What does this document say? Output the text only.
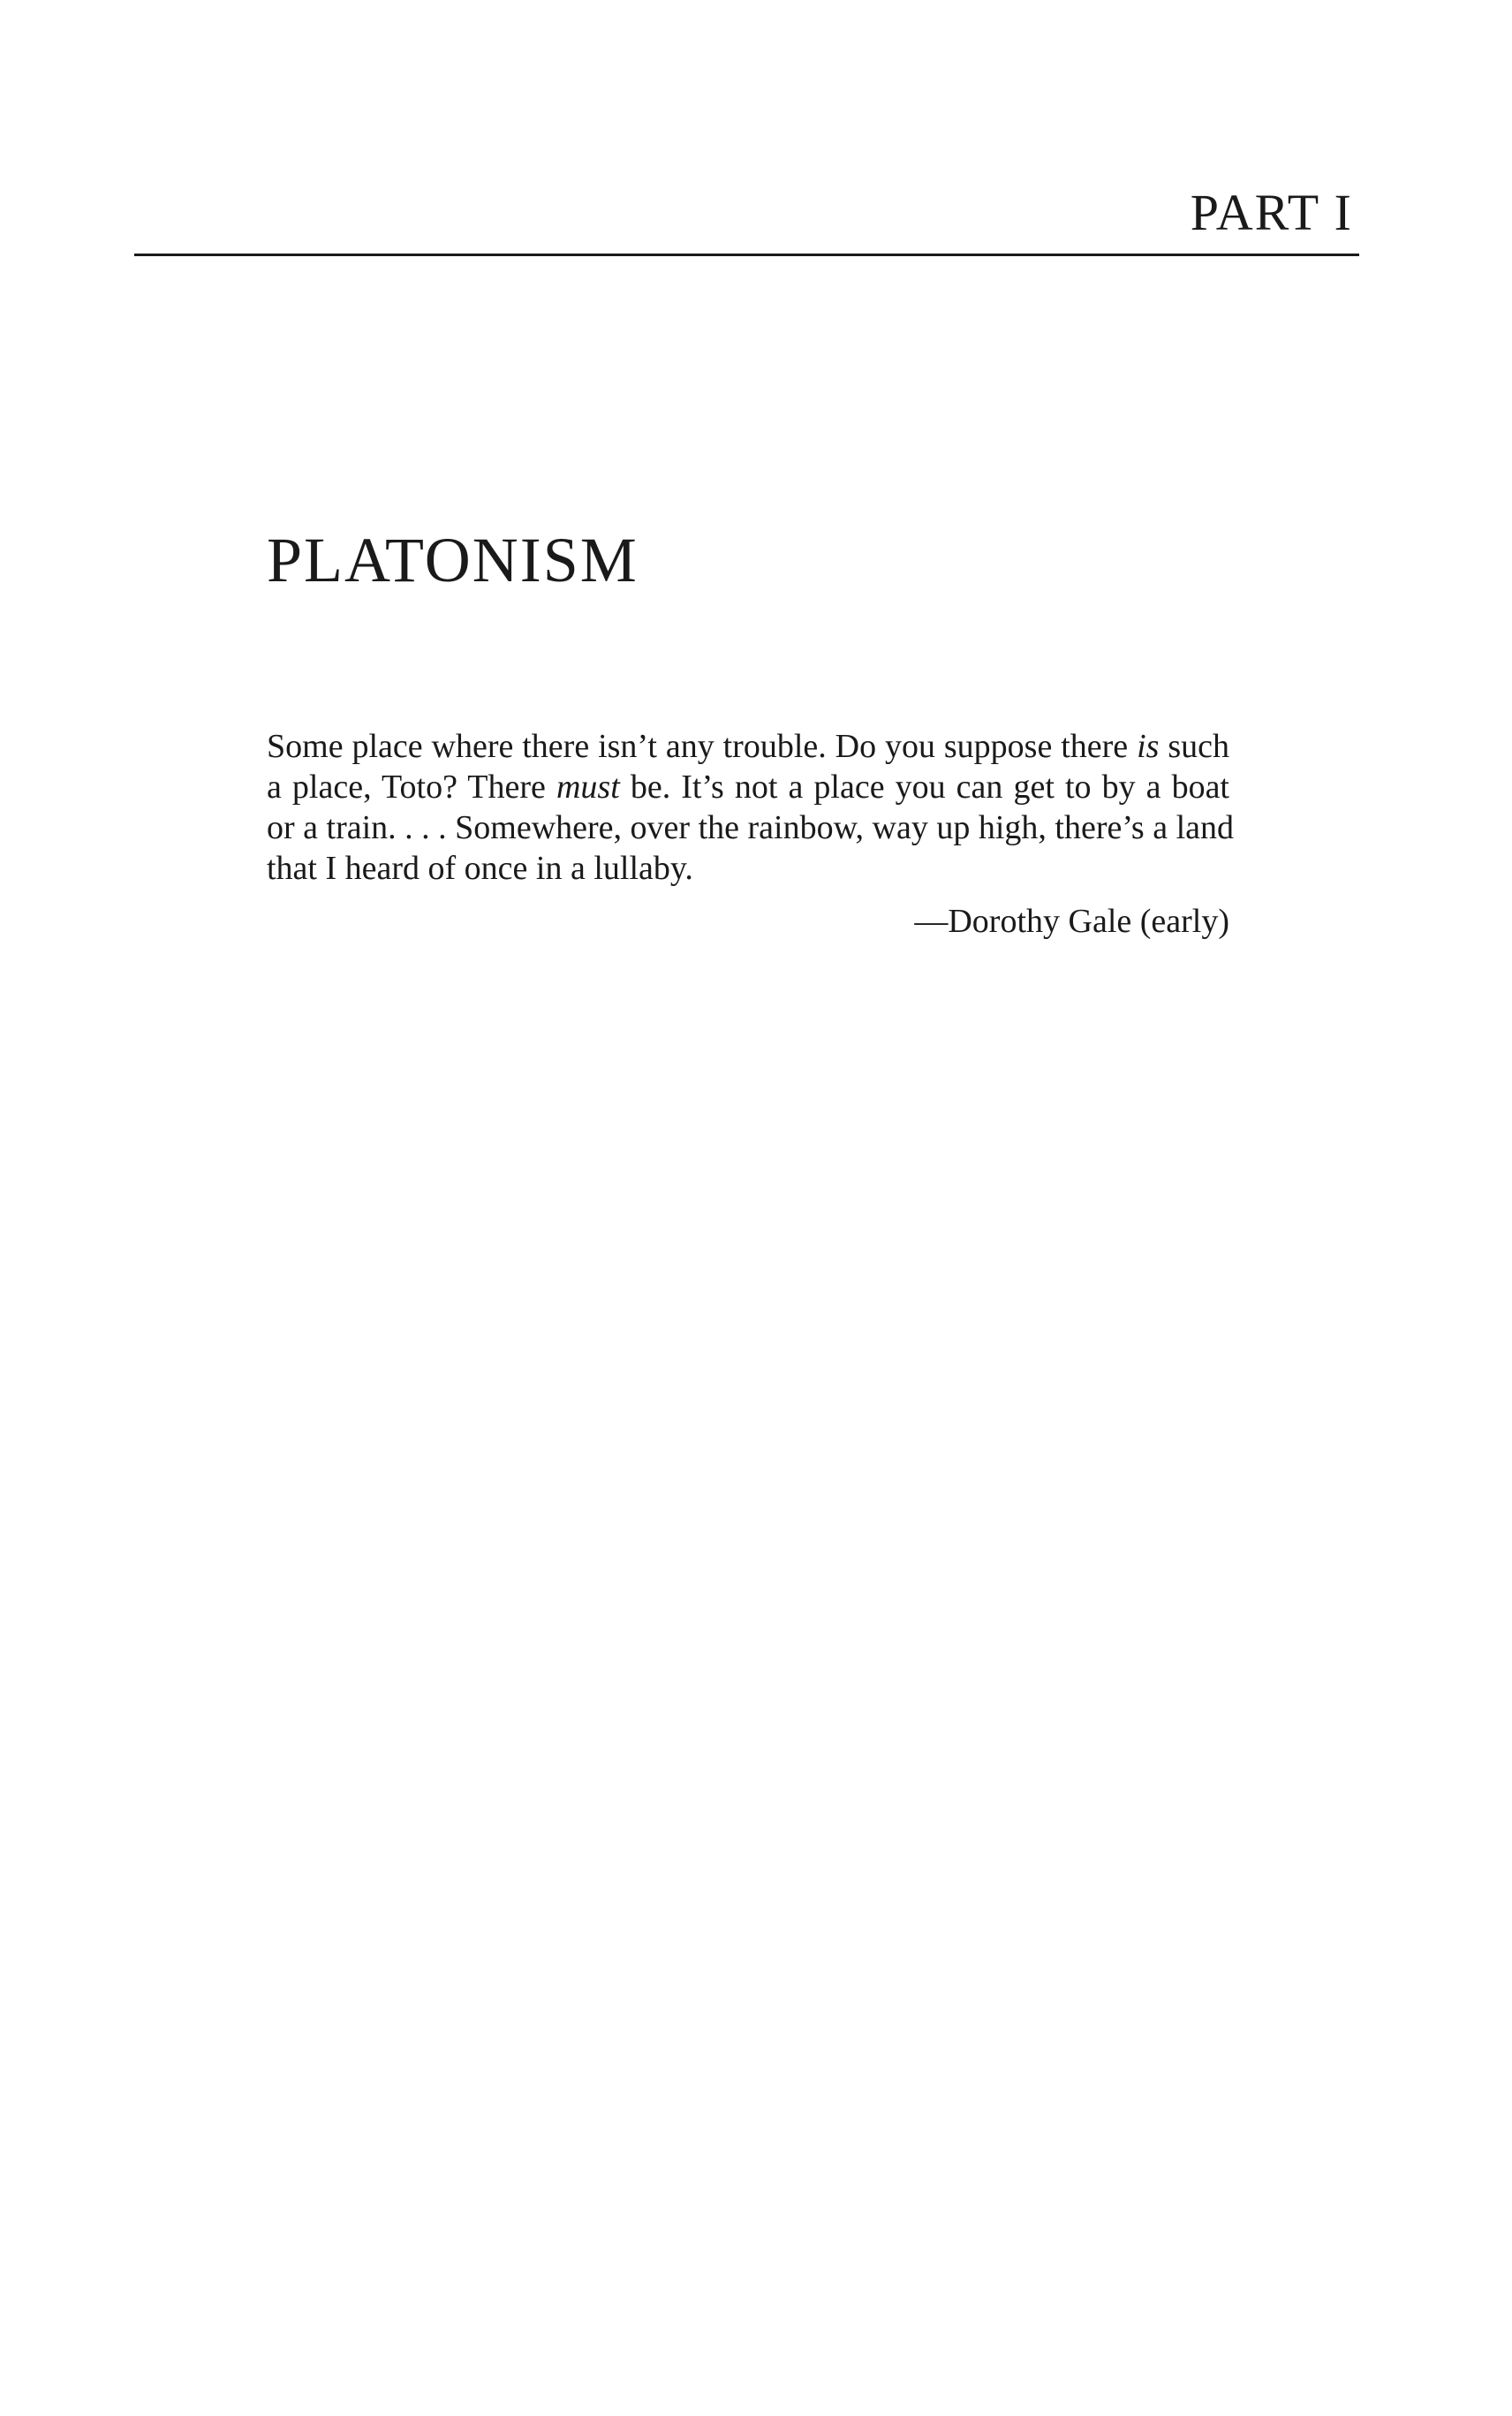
PART I
PLATONISM
Some place where there isn’t any trouble. Do you suppose there is such
a place, Toto? There must be. It’s not a place you can get to by a boat
or a train. . . . Somewhere, over the rainbow, way up high, there’s a land
that I heard of once in a lullaby.
—Dorothy Gale (early)
